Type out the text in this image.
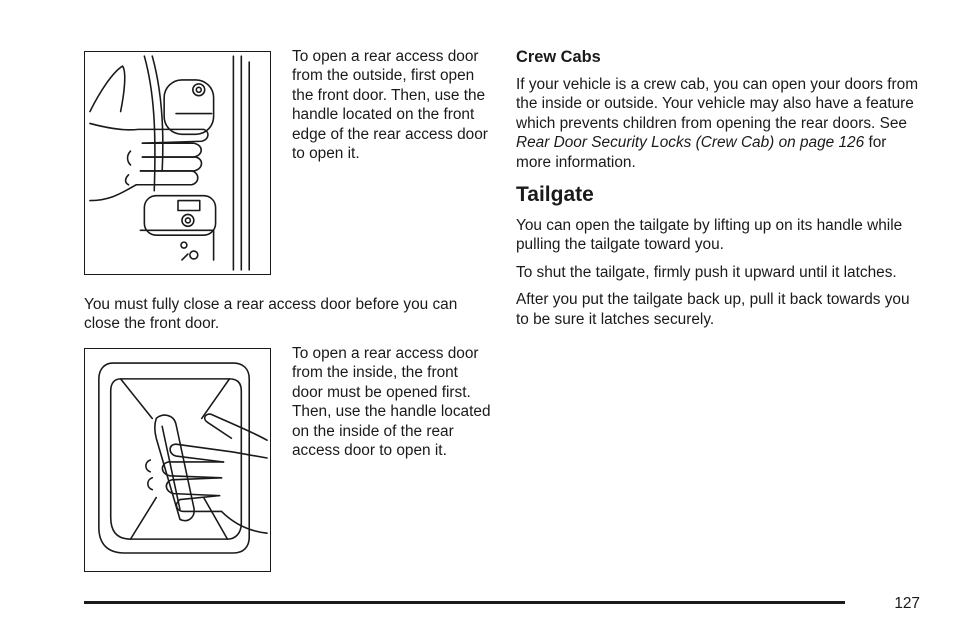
To open a rear access door from the outside, first open the front door. Then, use the handle located on the front edge of the rear access door to open it.

You must fully close a rear access door before you can close the front door.

To open a rear access door from the inside, the front door must be opened first. Then, use the handle located on the inside of the rear access door to open it.

Crew Cabs

If your vehicle is a crew cab, you can open your doors from the inside or outside. Your vehicle may also have a feature which prevents children from opening the rear doors. See Rear Door Security Locks (Crew Cab) on page 126 for more information.

Tailgate

You can open the tailgate by lifting up on its handle while pulling the tailgate toward you.

To shut the tailgate, firmly push it upward until it latches.

After you put the tailgate back up, pull it back towards you to be sure it latches securely.

127
